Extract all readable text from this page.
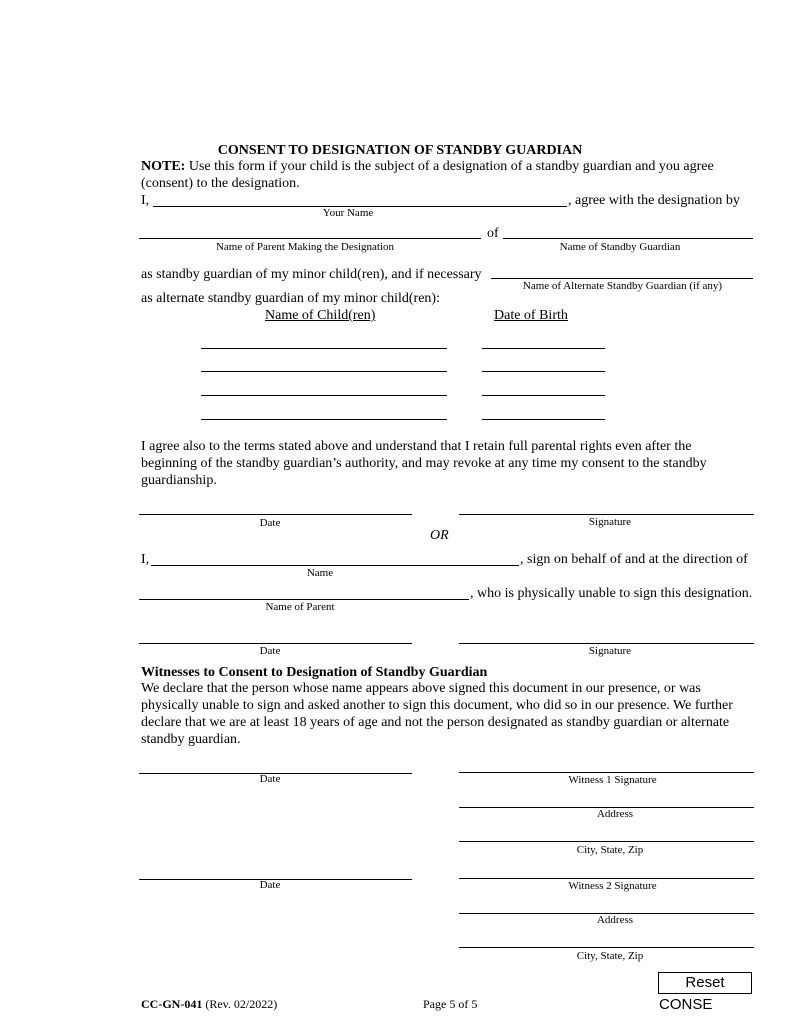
CONSENT TO DESIGNATION OF STANDBY GUARDIAN
NOTE: Use this form if your child is the subject of a designation of a standby guardian and you agree (consent) to the designation.
I,	, agree with the designation by
Your Name
of
Name of Parent Making the Designation	Name of Standby Guardian
as standby guardian of my minor child(ren), and if necessary
Name of Alternate Standby Guardian (if any)
as alternate standby guardian of my minor child(ren):
Name of Child(ren)	Date of Birth
I agree also to the terms stated above and understand that I retain full parental rights even after the beginning of the standby guardian’s authority, and may revoke at any time my consent to the standby guardianship.
Date	Signature
OR
I,	, sign on behalf of and at the direction of
Name
, who is physically unable to sign this designation.
Name of Parent
Date	Signature
Witnesses to Consent to Designation of Standby Guardian
We declare that the person whose name appears above signed this document in our presence, or was physically unable to sign and asked another to sign this document, who did so in our presence. We further declare that we are at least 18 years of age and not the person designated as standby guardian or alternate standby guardian.
Date	Witness 1 Signature
Address
City, State, Zip
Date	Witness 2 Signature
Address
City, State, Zip
CC-GN-041 (Rev. 02/2022)	Page 5 of 5
Reset
CONSE
